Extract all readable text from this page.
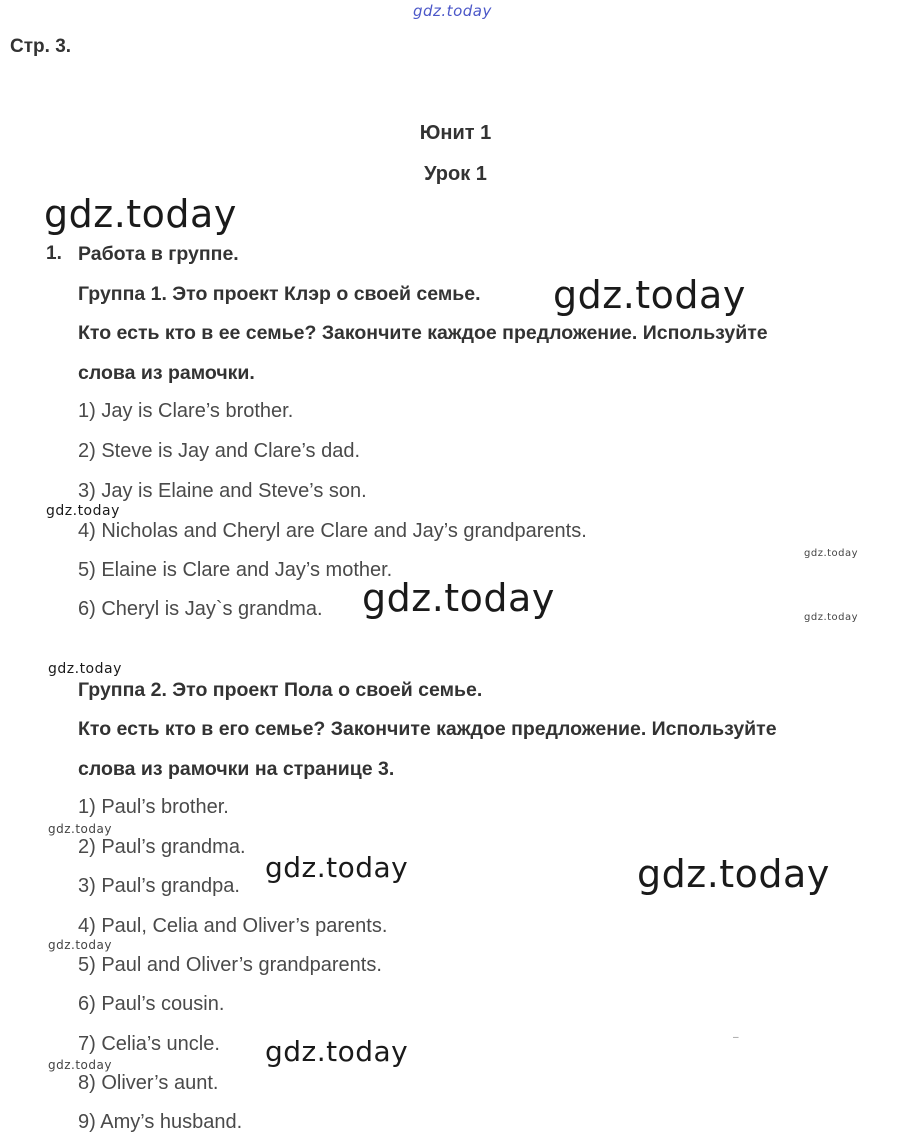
gdz.today
Стр. 3.
Юнит 1
Урок 1
gdz.today
1. Работа в группе.
Группа 1. Это проект Клэр о своей семье. gdz.today
Кто есть кто в ее семье? Закончите каждое предложение. Используйте
слова из рамочки.
1) Jay is Clare’s brother.
2) Steve is Jay and Clare’s dad.
3) Jay is Elaine and Steve’s son.
gdz.today
4) Nicholas and Cheryl are Clare and Jay’s grandparents.
gdz.today
5) Elaine is Clare and Jay’s mother.
6) Cheryl is Jay`s grandma. gdz.today	gdz.today
gdz.today
Группа 2. Это проект Пола о своей семье.
Кто есть кто в его семье? Закончите каждое предложение. Используйте
слова из рамочки на странице 3.
1) Paul’s brother.
gdz.today
2) Paul’s grandma.
gdz.today	gdz.today
3) Paul’s grandpa.
4) Paul, Celia and Oliver’s parents.
gdz.today
5) Paul and Oliver’s grandparents.
6) Paul’s cousin.
–
7) Celia’s uncle. gdz.today
gdz.today
8) Oliver’s aunt.
9) Amy’s husband.
